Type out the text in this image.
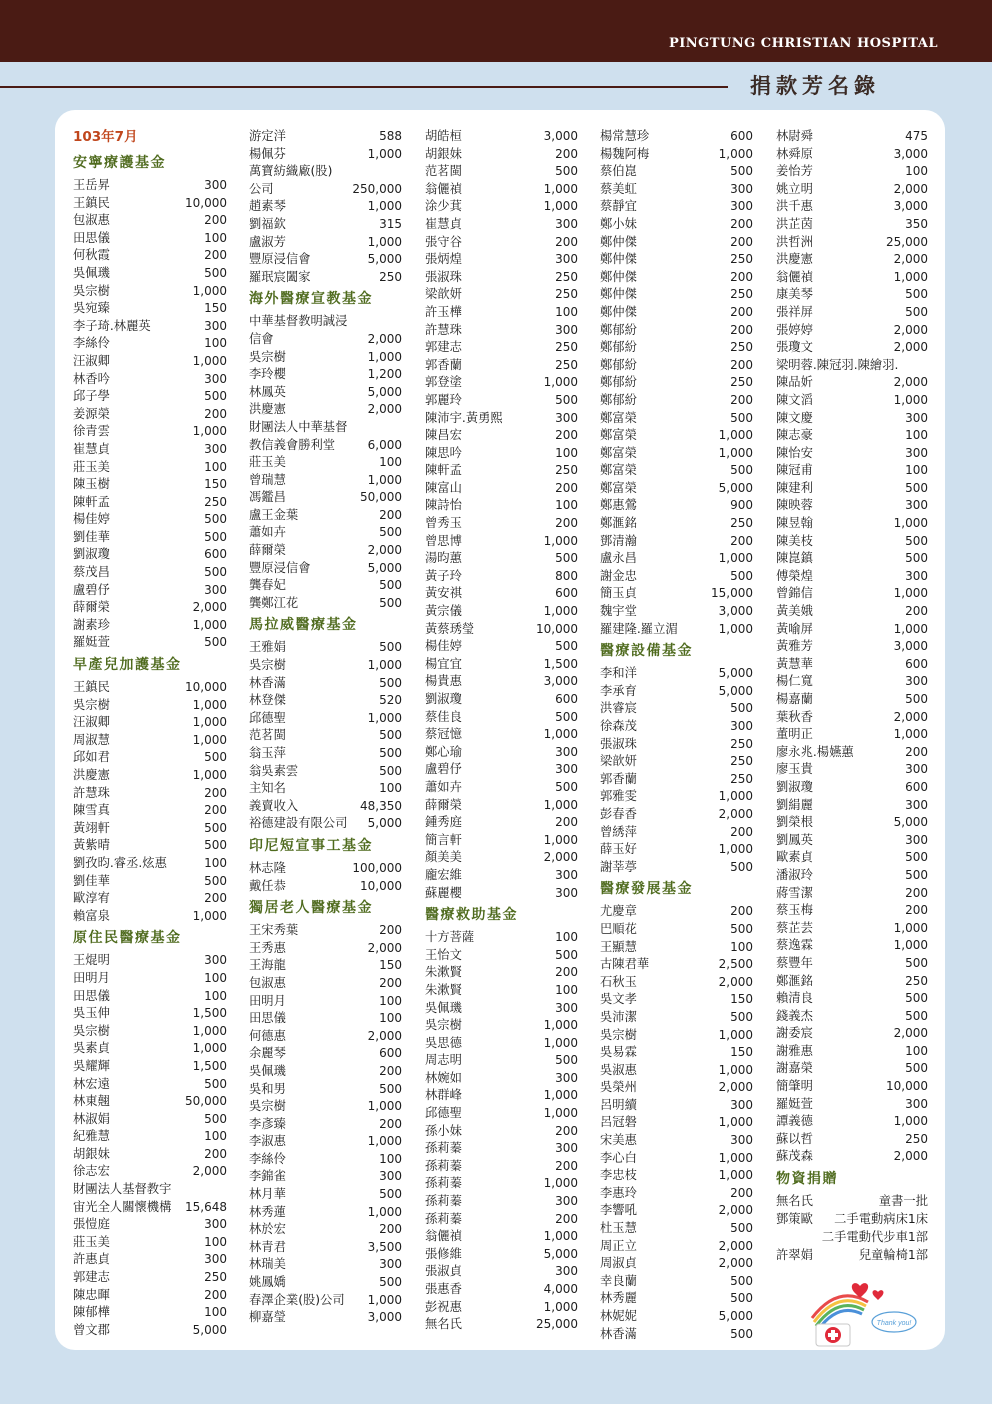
PINGTUNG CHRISTIAN HOSPITAL
捐款芳名錄
103年7月
安寧療護基金
王岳昇	300
王鎮民	10,000
包淑惠	200
田思儀	100
何秋霞	200
吳佩璣	500
吳宗樹	1,000
吳宛臻	150
李子琦.林麗英	300
李絲伶	100
汪淑卿	1,000
林香吟	300
邱子學	500
姜源榮	200
徐青雲	1,000
崔慧貞	300
莊玉美	100
陳玉樹	150
陳軒孟	250
楊佳婷	500
劉佳華	500
劉淑瓊	600
蔡茂昌	500
盧碧伃	300
薛爾榮	2,000
謝素珍	1,000
羅娗萱	500
早產兒加護基金
王鎮民	10,000
吳宗樹	1,000
汪淑卿	1,000
周淑慧	1,000
邱如君	500
洪慶憲	1,000
許慧珠	200
陳雪真	200
黃翊軒	500
黃紫晴	500
劉孜昀.睿丞.炫惠	100
劉佳華	500
歐淳宥	200
賴富泉	1,000
原住民醫療基金
王焜明	300
田明月	100
田思儀	100
吳玉伸	1,500
吳宗樹	1,000
吳素貞	1,000
吳耀輝	1,500
林宏遠	500
林東翹	50,000
林淑娟	500
紀雅慧	100
胡銀妹	200
徐志宏	2,000
財團法人基督教宇
宙光全人關懷機構 15,648
張愷庭	300
莊玉美	100
許惠貞	300
郭建志	250
陳忠暉	200
陳郁樺	100
曾文郡	5,000
游定洋	588
楊佩芬	1,000
萬寶紡織廠(股)
公司	250,000
趙素琴	1,000
劉福欽	315
盧淑芳	1,000
豐原浸信會	5,000
羅珉宸闔家	250
海外醫療宣教基金
中華基督教明誠浸
信會	2,000
吳宗樹	1,000
李玲櫻	1,200
林鳳英	5,000
洪慶憲	2,000
財團法人中華基督
教信義會勝利堂	6,000
莊玉美	100
曾瑞慧	1,000
馮鑑昌	50,000
盧王金葉	200
蕭如卉	500
薛爾榮	2,000
豐原浸信會	5,000
龔春妃	500
龔鄭江花	500
馬拉威醫療基金
王雅娟	500
吳宗樹	1,000
林香滿	500
林登傑	520
邱德聖	1,000
范茗閩	500
翁玉萍	500
翁吳素雲	500
主知名	100
義賣收入	48,350
裕德建設有限公司 5,000
印尼短宣事工基金
林志隆	100,000
戴任恭	10,000
獨居老人醫療基金
王宋秀葉	200
王秀惠	2,000
王海龍	150
包淑惠	200
田明月	100
田思儀	100
何德惠	2,000
余麗琴	600
吳佩璣	200
吳和男	500
吳宗樹	1,000
李彥臻	200
李淑惠	1,000
李絲伶	100
李錦雀	300
林月華	500
林秀蓮	1,000
林於宏	200
林青君	3,500
林瑞美	300
姚鳳嬌	500
春澤企業(股)公司 1,000
柳嘉瑩	3,000
胡皓桓	3,000
胡銀妹	200
范茗閩	500
翁儷禎	1,000
涂少萁	1,000
崔慧貞	300
張守谷	200
張炳煌	300
張淑珠	250
梁歆妍	250
許玉樺	100
許慧珠	300
郭建志	250
郭香蘭	250
郭登塗	1,000
郭麗玲	500
陳沛宇.黃勇熙	300
陳昌宏	200
陳思吟	100
陳軒孟	250
陳富山	200
陳詩怡	100
曾秀玉	200
曾思博	1,000
湯昀蕙	500
黃子玲	800
黃安祺	600
黃宗儀	1,000
黃蔡琇瑩	10,000
楊佳婷	500
楊宜宜	1,500
楊貴惠	3,000
劉淑瓊	600
蔡佳良	500
蔡冠憶	1,000
鄭心瑜	300
盧碧伃	300
蕭如卉	500
薛爾榮	1,000
鍾秀庭	200
簡言軒	1,000
顏美美	2,000
龐宏維	300
蘇麗櫻	300
醫療救助基金
十方菩薩	100
王怡文	500
朱漱賢	200
朱漱賢	100
吳佩璣	300
吳宗樹	1,000
吳思德	1,000
周志明	500
林婉如	300
林群峰	1,000
邱德聖	1,000
孫小妹	200
孫莉蓁	300
孫莉蓁	200
孫莉蓁	1,000
孫莉蓁	300
孫莉蓁	200
翁儷禎	1,000
張修維	5,000
張淑貞	300
張惠香	4,000
彭祝惠	1,000
無名氏	25,000
楊常慧珍	600
楊魏阿梅	1,000
蔡伯崑	500
蔡美虹	300
蔡靜宜	300
鄭小妹	200
鄭仲傑	200
鄭仲傑	250
鄭仲傑	200
鄭仲傑	250
鄭仲傑	200
鄭郁紛	200
鄭郁紛	250
鄭郁紛	200
鄭郁紛	250
鄭郁紛	200
鄭富榮	500
鄭富榮	1,000
鄭富榮	1,000
鄭富榮	500
鄭富榮	5,000
鄭惠鶯	900
鄭滙銘	250
鄧清瀚	200
盧永昌	1,000
謝金忠	500
簡玉貞	15,000
魏宇堂	3,000
羅建隆.羅立湄	1,000
醫療設備基金
李和洋	5,000
李承育	5,000
洪睿宸	500
徐森茂	300
張淑珠	250
梁歆妍	250
郭香蘭	250
郭雅雯	1,000
彭春香	2,000
曾綉萍	200
薛玉好	1,000
謝莘葶	500
醫療發展基金
尤慶章	200
巴順花	500
王顯慧	100
古陳君華	2,500
石秋玉	2,000
吳文孝	150
吳沛潔	500
吳宗樹	1,000
吳易霖	150
吳淑惠	1,000
吳榮州	2,000
呂明續	300
呂冠磐	1,000
宋美惠	300
李心白	1,000
李忠枝	1,000
李惠玲	200
李響吼	2,000
杜玉慧	500
周正立	2,000
周淑貞	2,000
幸良蘭	500
林秀麗	500
林妮妮	5,000
林香滿	500
林尉舜	475
林舜原	3,000
姜怡芳	100
姚立明	2,000
洪千惠	3,000
洪芷茵	350
洪哲洲	25,000
洪慶憲	2,000
翁儷禎	1,000
康美琴	500
張祥屏	500
張婷婷	2,000
張瓊文	2,000
梁明蓉.陳冠羽.陳繪羽.
陳品妡	2,000
陳文滔	1,000
陳文慶	300
陳志豪	100
陳怡安	300
陳冠甫	100
陳建利	500
陳映蓉	300
陳昱翰	1,000
陳美枝	500
陳崑鎮	500
傅榮煌	300
曾錦信	1,000
黃美娥	200
黃喻屏	1,000
黃雅芳	3,000
黃慧華	600
楊仁寬	300
楊嘉蘭	500
葉秋香	2,000
董明正	1,000
廖永兆.楊嬿蕙	200
廖玉貴	300
劉淑瓊	600
劉絹麗	300
劉榮根	5,000
劉鳳英	300
歐素貞	500
潘淑玲	500
蔣雪潔	200
蔡玉梅	200
蔡芷芸	1,000
蔡逸霖	1,000
蔡豐年	500
鄭滙銘	250
賴清良	500
錢義杰	500
謝委宸	2,000
謝雅惠	100
謝嘉榮	500
簡肇明	10,000
羅娗萱	300
譚義德	1,000
蘇以哲	250
蘇茂森	2,000
物資捐贈
無名氏	童書一批
鄧策歐 二手電動病床1床
二手電動代步車1部
許翠娟	兒童輪椅1部
Thank you!
